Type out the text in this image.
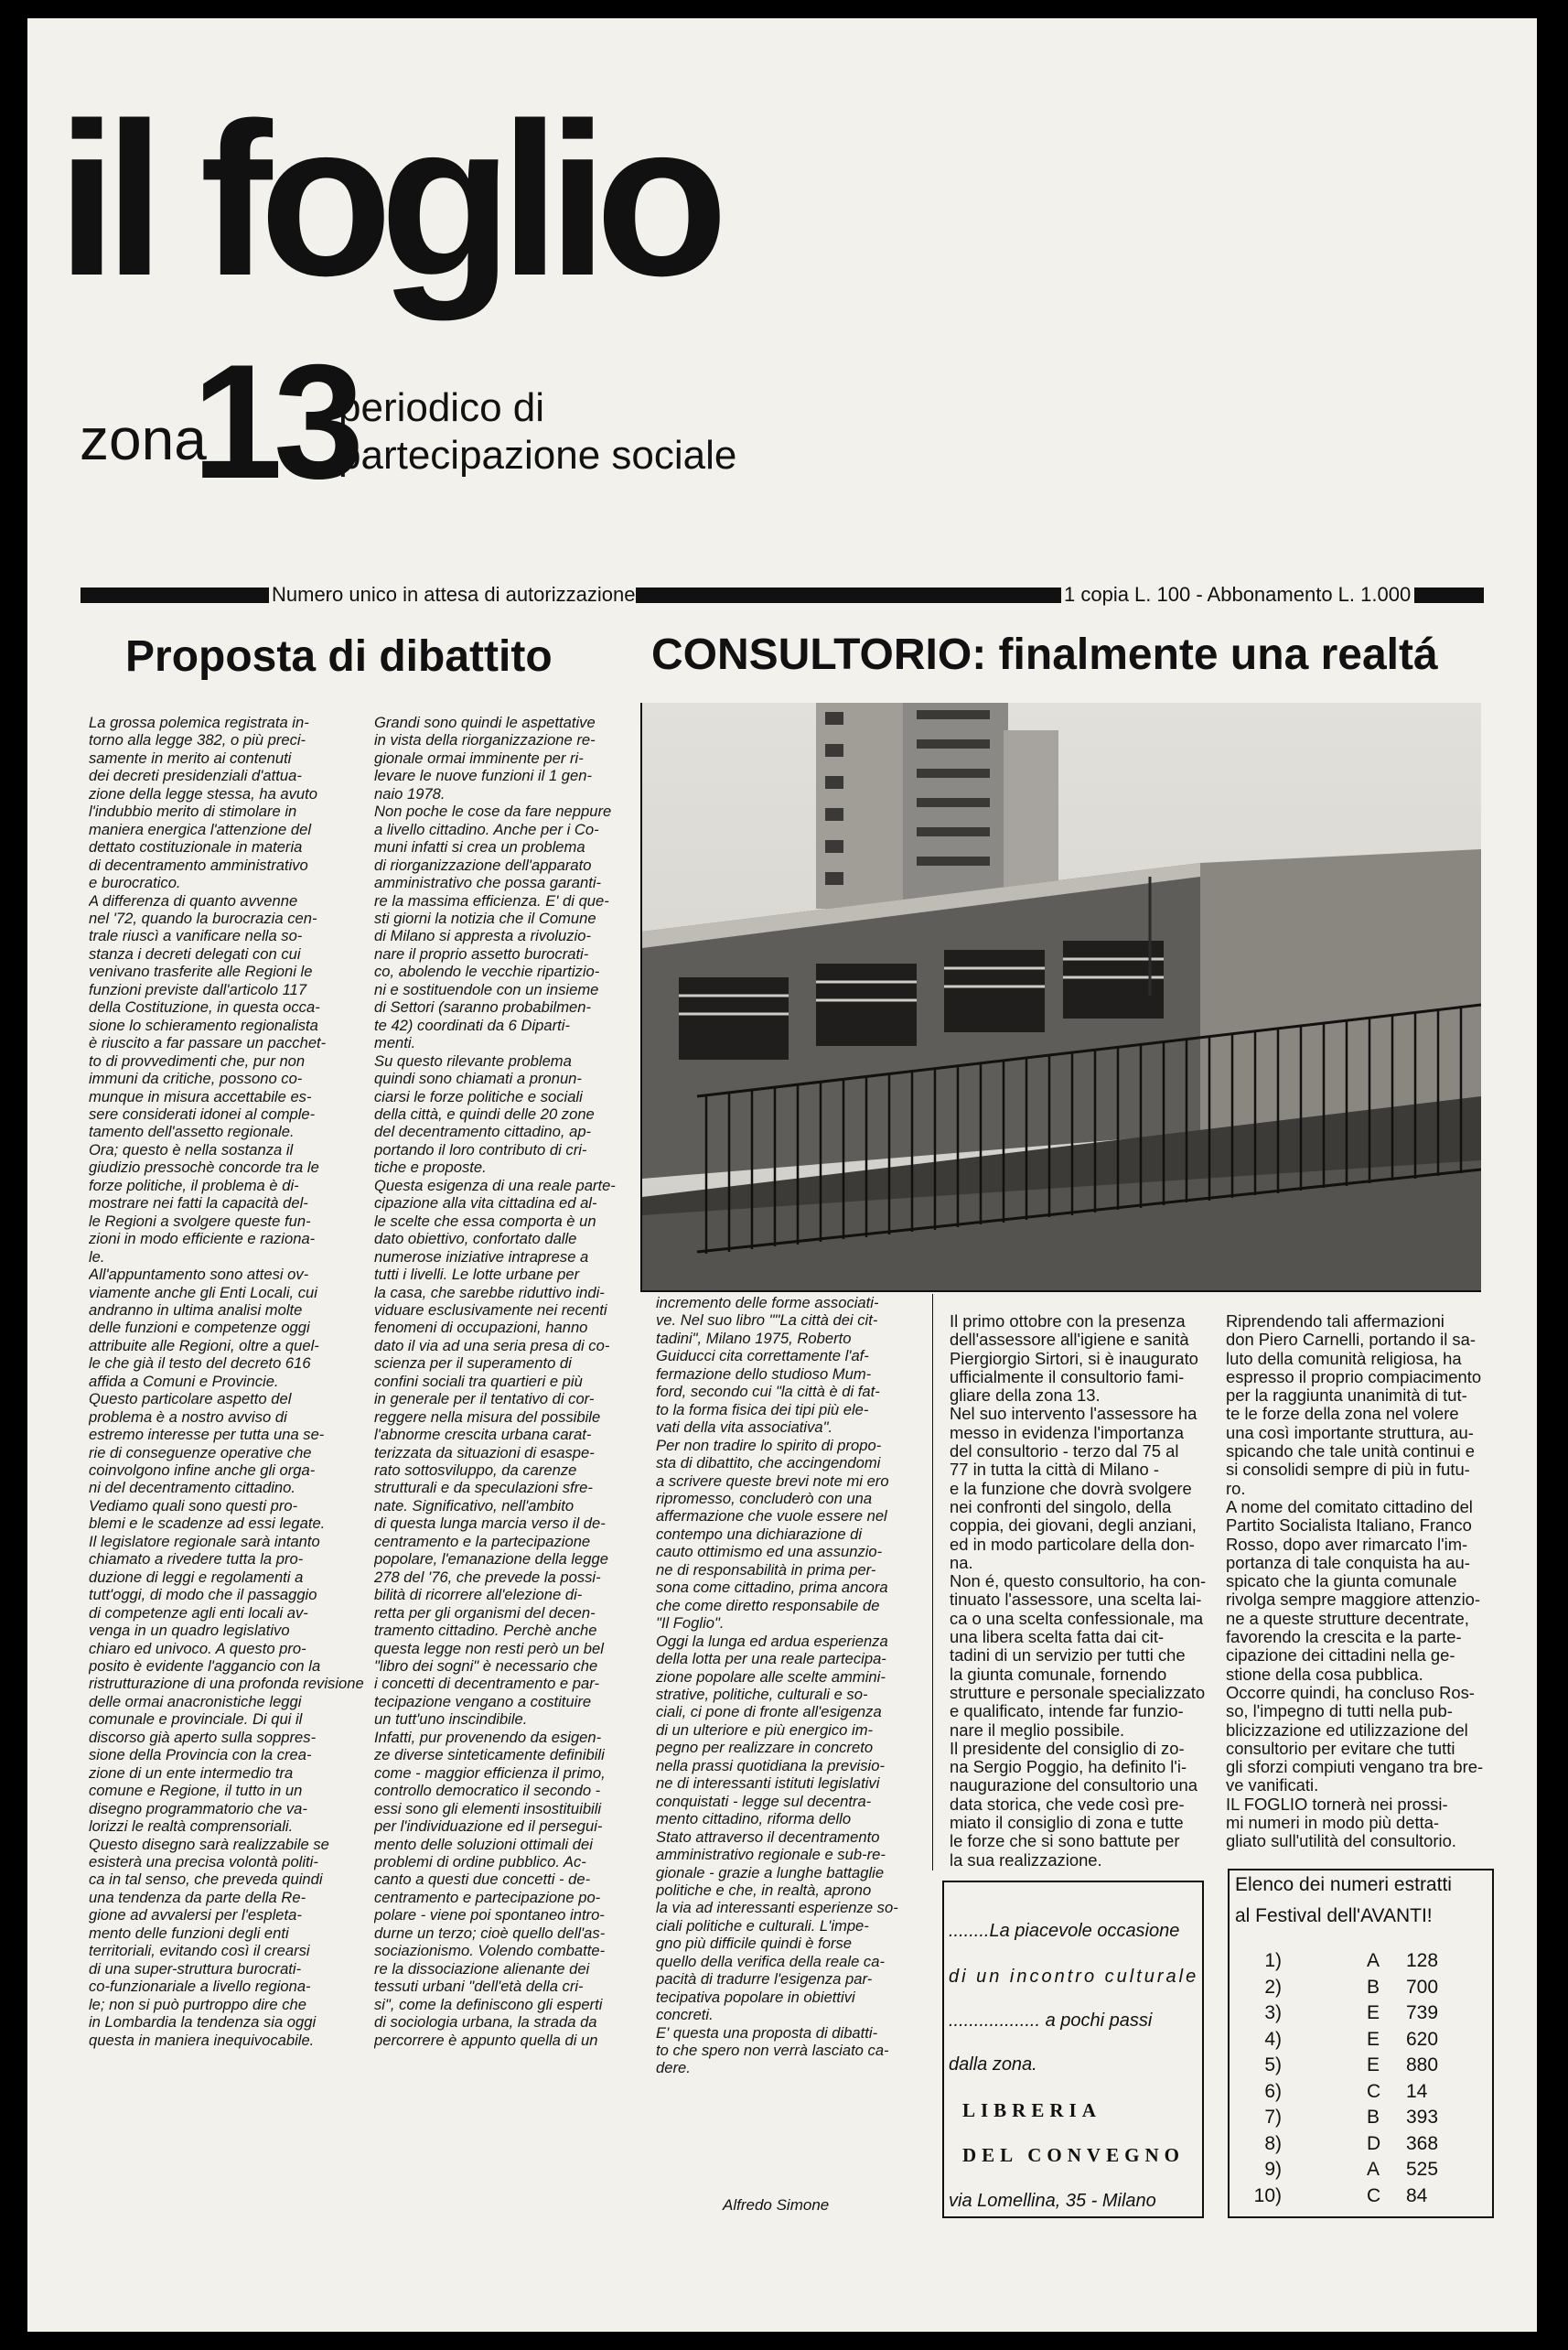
il foglio
zona
13
periodico di
partecipazione sociale
Numero unico in attesa di autorizzazione	1 copia L. 100 - Abbonamento L. 1.000
Proposta di dibattito CONSULTORIO: finalmente una realtá

La grossa polemica registrata in-

torno alla legge 382, o più preci-

samente in merito ai contenuti

dei decreti presidenziali d'attua-

zione della legge stessa, ha avuto

l'indubbio merito di stimolare in

maniera energica l'attenzione del

dettato costituzionale in materia

di decentramento amministrativo

e burocratico.

A differenza di quanto avvenne

nel '72, quando la burocrazia cen-

trale riuscì a vanificare nella so-

stanza i decreti delegati con cui

venivano trasferite alle Regioni le

funzioni previste dall'articolo 117

della Costituzione, in questa occa-

sione lo schieramento regionalista

è riuscito a far passare un pacchet-

to di provvedimenti che, pur non

immuni da critiche, possono co-

munque in misura accettabile es-

sere considerati idonei al comple-

tamento dell'assetto regionale.

Ora; questo è nella sostanza il

giudizio pressochè concorde tra le

forze politiche, il problema è di-

mostrare nei fatti la capacità del-

le Regioni a svolgere queste fun-

zioni in modo efficiente e raziona-

le.

All'appuntamento sono attesi ov-

viamente anche gli Enti Locali, cui

andranno in ultima analisi molte

delle funzioni e competenze oggi

attribuite alle Regioni, oltre a quel-

le che già il testo del decreto 616

affida a Comuni e Provincie.

Questo particolare aspetto del

problema è a nostro avviso di

estremo interesse per tutta una se-

rie di conseguenze operative che

coinvolgono infine anche gli orga-

ni del decentramento cittadino.

Vediamo quali sono questi pro-

blemi e le scadenze ad essi legate.

Il legislatore regionale sarà intanto

chiamato a rivedere tutta la pro-

duzione di leggi e regolamenti a

tutt'oggi, di modo che il passaggio

di competenze agli enti locali av-

venga in un quadro legislativo

chiaro ed univoco. A questo pro-

posito è evidente l'aggancio con la

ristrutturazione di una profonda revisione

delle ormai anacronistiche leggi

comunale e provinciale. Di qui il

discorso già aperto sulla soppres-

sione della Provincia con la crea-

zione di un ente intermedio tra

comune e Regione, il tutto in un

disegno programmatorio che va-

lorizzi le realtà comprensoriali.

Questo disegno sarà realizzabile se

esisterà una precisa volontà politi-

ca in tal senso, che preveda quindi

una tendenza da parte della Re-

gione ad avvalersi per l'espleta-

mento delle funzioni degli enti

territoriali, evitando così il crearsi

di una super-struttura burocrati-

co-funzionariale a livello regiona-

le; non si può purtroppo dire che

in Lombardia la tendenza sia oggi

questa in maniera inequivocabile.

Grandi sono quindi le aspettative

in vista della riorganizzazione re-

gionale ormai imminente per ri-

levare le nuove funzioni il 1 gen-

naio 1978.

Non poche le cose da fare neppure

a livello cittadino. Anche per i Co-

muni infatti si crea un problema

di riorganizzazione dell'apparato

amministrativo che possa garanti-

re la massima efficienza. E' di que-

sti giorni la notizia che il Comune

di Milano si appresta a rivoluzio-

nare il proprio assetto burocrati-

co, abolendo le vecchie ripartizio-

ni e sostituendole con un insieme

di Settori (saranno probabilmen-

te 42) coordinati da 6 Diparti-

menti.

Su questo rilevante problema

quindi sono chiamati a pronun-

ciarsi le forze politiche e sociali

della città, e quindi delle 20 zone

del decentramento cittadino, ap-

portando il loro contributo di cri-

tiche e proposte.

Questa esigenza di una reale parte-

cipazione alla vita cittadina ed al-

le scelte che essa comporta è un

dato obiettivo, confortato dalle

numerose iniziative intraprese a

tutti i livelli. Le lotte urbane per

la casa, che sarebbe riduttivo indi-

viduare esclusivamente nei recenti

fenomeni di occupazioni, hanno

dato il via ad una seria presa di co-

scienza per il superamento di

confini sociali tra quartieri e più

in generale per il tentativo di cor-

reggere nella misura del possibile

l'abnorme crescita urbana carat-

terizzata da situazioni di esaspe-

rato sottosviluppo, da carenze

strutturali e da speculazioni sfre-

nate. Significativo, nell'ambito

di questa lunga marcia verso il de-

centramento e la partecipazione

popolare, l'emanazione della legge

278 del '76, che prevede la possi-

bilità di ricorrere all'elezione di-

retta per gli organismi del decen-

tramento cittadino. Perchè anche

questa legge non resti però un bel

"libro dei sogni" è necessario che

i concetti di decentramento e par-

tecipazione vengano a costituire

un tutt'uno inscindibile.

Infatti, pur provenendo da esigen-

ze diverse sinteticamente definibili

come - maggior efficienza il primo,

controllo democratico il secondo -

essi sono gli elementi insostituibili

per l'individuazione ed il persegui-

mento delle soluzioni ottimali dei

problemi di ordine pubblico. Ac-

canto a questi due concetti - de-

centramento e partecipazione po-

polare - viene poi spontaneo intro-

durne un terzo; cioè quello dell'as-

sociazionismo. Volendo combatte-

re la dissociazione alienante dei

tessuti urbani "dell'età della cri-

si", come la definiscono gli esperti

di sociologia urbana, la strada da

percorrere è appunto quella di un

incremento delle forme associati-

ve. Nel suo libro ""La città dei cit-

tadini", Milano 1975, Roberto

Guiducci cita correttamente l'af-

fermazione dello studioso Mum-

ford, secondo cui "la città è di fat-

to la forma fisica dei tipi più ele-

vati della vita associativa".

Per non tradire lo spirito di propo-

sta di dibattito, che accingendomi

a scrivere queste brevi note mi ero

ripromesso, concluderò con una

affermazione che vuole essere nel

contempo una dichiarazione di

cauto ottimismo ed una assunzio-

ne di responsabilità in prima per-

sona come cittadino, prima ancora

che come diretto responsabile de

"Il Foglio".

Oggi la lunga ed ardua esperienza

della lotta per una reale partecipa-

zione popolare alle scelte ammini-

strative, politiche, culturali e so-

ciali, ci pone di fronte all'esigenza

di un ulteriore e più energico im-

pegno per realizzare in concreto

nella prassi quotidiana la previsio-

ne di interessanti istituti legislativi

conquistati - legge sul decentra-

mento cittadino, riforma dello

Stato attraverso il decentramento

amministrativo regionale e sub-re-

gionale - grazie a lunghe battaglie

politiche e che, in realtà, aprono

la via ad interessanti esperienze so-

ciali politiche e culturali. L'impe-

gno più difficile quindi è forse

quello della verifica della reale ca-

pacità di tradurre l'esigenza par-

tecipativa popolare in obiettivi

concreti.

E' questa una proposta di dibatti-

to che spero non verrà lasciato ca-

dere.

Alfredo Simone

Il primo ottobre con la presenza

dell'assessore all'igiene e sanità

Piergiorgio Sirtori, si è inaugurato

ufficialmente il consultorio fami-

gliare della zona 13.

Nel suo intervento l'assessore ha

messo in evidenza l'importanza

del consultorio - terzo dal 75 al

77 in tutta la città di Milano -

e la funzione che dovrà svolgere

nei confronti del singolo, della

coppia, dei giovani, degli anziani,

ed in modo particolare della don-

na.

Non é, questo consultorio, ha con-

tinuato l'assessore, una scelta lai-

ca o una scelta confessionale, ma

una libera scelta fatta dai cit-

tadini di un servizio per tutti che

la giunta comunale, fornendo

strutture e personale specializzato

e qualificato, intende far funzio-

nare il meglio possibile.

Il presidente del consiglio di zo-

na Sergio Poggio, ha definito l'i-

naugurazione del consultorio una

data storica, che vede così pre-

miato il consiglio di zona e tutte

le forze che si sono battute per

la sua realizzazione.

Riprendendo tali affermazioni

don Piero Carnelli, portando il sa-

luto della comunità religiosa, ha

espresso il proprio compiacimento

per la raggiunta unanimità di tut-

te le forze della zona nel volere

una così importante struttura, au-

spicando che tale unità continui e

si consolidi sempre di più in futu-

ro.

A nome del comitato cittadino del

Partito Socialista Italiano, Franco

Rosso, dopo aver rimarcato l'im-

portanza di tale conquista ha au-

spicato che la giunta comunale

rivolga sempre maggiore attenzio-

ne a queste strutture decentrate,

favorendo la crescita e la parte-

cipazione dei cittadini nella ge-

stione della cosa pubblica.

Occorre quindi, ha concluso Ros-

so, l'impegno di tutti nella pub-

blicizzazione ed utilizzazione del

consultorio per evitare che tutti

gli sforzi compiuti vengano tra bre-

ve vanificati.

IL FOGLIO tornerà nei prossi-

mi numeri in modo più detta-

gliato sull'utilità del consultorio.

........La piacevole occasione
di un incontro culturale
.................. a pochi passi
dalla zona.
LIBRERIA
DEL CONVEGNO
via Lomellina, 35 - Milano
Elenco dei numeri estratti
al Festival dell'AVANTI!
1)	A 128
2)	B 700
3)	E 739
4)	E 620
5)	E 880
6)	C 14
7)	B 393
8)	D 368
9)	A 525
10)	C 84
